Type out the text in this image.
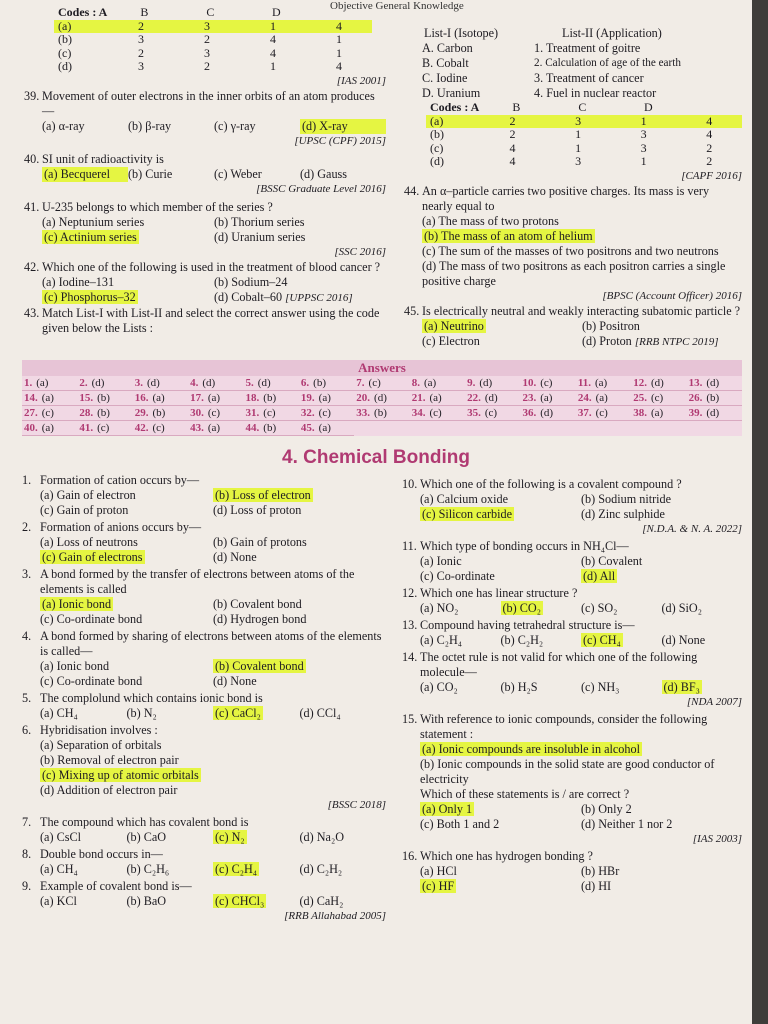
Objective General Knowledge
Codes : A	B	C	D
(a)	2	3	1	4
(b)	3	2	4	1
(c)	2	3	4	1
(d)	3	2	1	4

[IAS 2001]

39. Movement of outer electrons in the inner orbits of an atom produces—

(a) α-ray	(b) β-ray	(c) γ-ray	(d) X-ray

[UPSC (CPF) 2015]

40. SI unit of radioactivity is

(a) Becquerel	(b) Curie	(c) Weber	(d) Gauss

[BSSC Graduate Level 2016]

41. U-235 belongs to which member of the series ?

(a) Neptunium series	(b) Thorium series
(c) Actinium series	(d) Uranium series

[SSC 2016]

42. Which one of the following is used in the treatment of blood cancer ?

(a) Iodine–131	(b) Sodium–24
(c) Phosphorus–32	(d) Cobalt–60 [UPPSC 2016]

43. Match List-I with List-II and select the correct answer using the code given below the Lists :

List-I (Isotope)

A. Carbon

B. Cobalt

C. Iodine

D. Uranium

List-II (Application)

1. Treatment of goitre

2. Calculation of age of the earth

3. Treatment of cancer

4. Fuel in nuclear reactor

Codes : A	B	C	D
(a)	2	3	1	4
(b)	2	1	3	4
(c)	4	1	3	2
(d)	4	3	1	2

[CAPF 2016]

44. An α–particle carries two positive charges. Its mass is very nearly equal to

(a) The mass of two protons

(b) The mass of an atom of helium

(c) The sum of the masses of two positrons and two neutrons

(d) The mass of two positrons as each positron carries a single positive charge

[BPSC (Account Officer) 2016]

45. Is electrically neutral and weakly interacting subatomic particle ?

(a) Neutrino	(b) Positron
(c) Electron	(d) Proton [RRB NTPC 2019]
Answers
1. (a)	2. (d)	3. (d)	4. (d)	5. (d)	6. (b)	7. (c)	8. (a)	9. (d)	10. (c)	11. (a)	12. (d)	13. (d)
14. (a)	15. (b)	16. (a)	17. (a)	18. (b)	19. (a)	20. (d)	21. (a)	22. (d)	23. (a)	24. (a)	25. (c)	26. (b)
27. (c)	28. (b)	29. (b)	30. (c)	31. (c)	32. (c)	33. (b)	34. (c)	35. (c)	36. (d)	37. (c)	38. (a)	39. (d)
40. (a)	41. (c)	42. (c)	43. (a)	44. (b)	45. (a)
4. Chemical Bonding

1. Formation of cation occurs by—

(a) Gain of electron	(b) Loss of electron
(c) Gain of proton	(d) Loss of proton

2. Formation of anions occurs by—

(a) Loss of neutrons	(b) Gain of protons
(c) Gain of electrons	(d) None

3. A bond formed by the transfer of electrons between atoms of the elements is called

(a) Ionic bond	(b) Covalent bond
(c) Co-ordinate bond	(d) Hydrogen bond

4. A bond formed by sharing of electrons between atoms of the elements is called—

(a) Ionic bond	(b) Covalent bond
(c) Co-ordinate bond	(d) None

5. The complolund which contains ionic bond is

(a) CH₄	(b) N₂	(c) CaCl₂	(d) CCl₄

6. Hybridisation involves :

(a) Separation of orbitals

(b) Removal of electron pair

(c) Mixing up of atomic orbitals

(d) Addition of electron pair

[BSSC 2018]

7. The compound which has covalent bond is

(a) CsCl	(b) CaO	(c) N₂	(d) Na₂O

8. Double bond occurs in—

(a) CH₄	(b) C₂H₆	(c) C₂H₄	(d) C₂H₂

9. Example of covalent bond is—

(a) KCl	(b) BaO	(c) CHCl₃	(d) CaH₂

[RRB Allahabad 2005]

10. Which one of the following is a covalent compound ?

(a) Calcium oxide	(b) Sodium nitride
(c) Silicon carbide	(d) Zinc sulphide

[N.D.A. & N. A. 2022]

11. Which type of bonding occurs in NH₄Cl—

(a) Ionic	(b) Covalent
(c) Co-ordinate	(d) All

12. Which one has linear structure ?

(a) NO₂	(b) CO₂	(c) SO₂	(d) SiO₂

13. Compound having tetrahedral structure is—

(a) C₂H₄	(b) C₂H₂	(c) CH₄	(d) None

14. The octet rule is not valid for which one of the following molecule—

(a) CO₂	(b) H₂S	(c) NH₃	(d) BF₃

[NDA 2007]

15. With reference to ionic compounds, consider the following statement :

(a) Ionic compounds are insoluble in alcohol

(b) Ionic compounds in the solid state are good conductor of electricity

Which of these statements is / are correct ?

(a) Only 1	(b) Only 2
(c) Both 1 and 2	(d) Neither 1 nor 2

[IAS 2003]

16. Which one has hydrogen bonding ?

(a) HCl	(b) HBr
(c) HF	(d) HI
